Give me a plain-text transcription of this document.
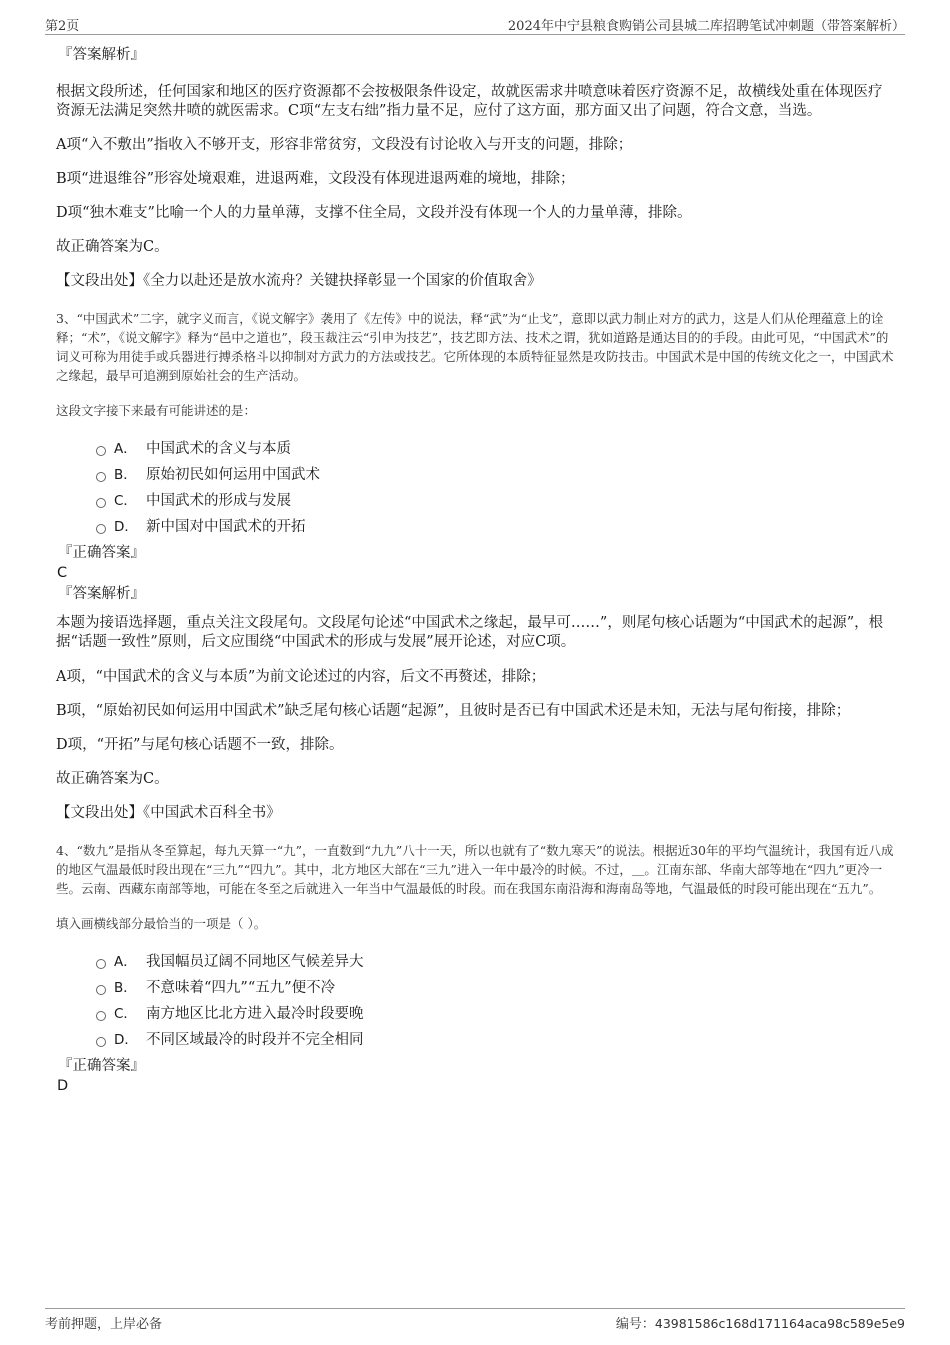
第2页	2024年中宁县粮食购销公司县城二库招聘笔试冲刺题（带答案解析）
『答案解析』

根据文段所述，任何国家和地区的医疗资源都不会按极限条件设定，故就医需求井喷意味着医疗资源不足，故横线处重在体现医疗资源无法满足突然井喷的就医需求。C项“左支右绌”指力量不足，应付了这方面，那方面又出了问题，符合文意，当选。

A项“入不敷出”指收入不够开支，形容非常贫穷，文段没有讨论收入与开支的问题，排除；

B项“进退维谷”形容处境艰难，进退两难，文段没有体现进退两难的境地，排除；

D项“独木难支”比喻一个人的力量单薄，支撑不住全局，文段并没有体现一个人的力量单薄，排除。

故正确答案为C。

【文段出处】《全力以赴还是放水流舟？关键抉择彰显一个国家的价值取舍》

3、“中国武术”二字，就字义而言，《说文解字》袭用了《左传》中的说法，释“武”为“止戈”，意即以武力制止对方的武力，这是人们从伦理蕴意上的诠释；“术”，《说文解字》释为“邑中之道也”，段玉裁注云“引申为技艺”，技艺即方法、技术之谓，犹如道路是通达目的的手段。由此可见，“中国武术”的词义可称为用徒手或兵器进行搏杀格斗以抑制对方武力的方法或技艺。它所体现的本质特征显然是攻防技击。中国武术是中国的传统文化之一，中国武术之缘起，最早可追溯到原始社会的生产活动。

这段文字接下来最有可能讲述的是：

A． 中国武术的含义与本质
B． 原始初民如何运用中国武术
C． 中国武术的形成与发展
D． 新中国对中国武术的开拓
『正确答案』
C
『答案解析』

本题为接语选择题，重点关注文段尾句。文段尾句论述“中国武术之缘起，最早可……”，则尾句核心话题为“中国武术的起源”，根据“话题一致性”原则，后文应围绕“中国武术的形成与发展”展开论述，对应C项。

A项，“中国武术的含义与本质”为前文论述过的内容，后文不再赘述，排除；

B项，“原始初民如何运用中国武术”缺乏尾句核心话题“起源”，且彼时是否已有中国武术还是未知，无法与尾句衔接，排除；

D项，“开拓”与尾句核心话题不一致，排除。

故正确答案为C。

【文段出处】《中国武术百科全书》

4、“数九”是指从冬至算起，每九天算一“九”，一直数到“九九”八十一天，所以也就有了“数九寒天”的说法。根据近30年的平均气温统计，我国有近八成的地区气温最低时段出现在“三九”“四九”。其中，北方地区大部在“三九”进入一年中最冷的时候。不过，＿。江南东部、华南大部等地在“四九”更冷一些。云南、西藏东南部等地，可能在冬至之后就进入一年当中气温最低的时段。而在我国东南沿海和海南岛等地，气温最低的时段可能出现在“五九”。

填入画横线部分最恰当的一项是（ ）。

A． 我国幅员辽阔不同地区气候差异大
B． 不意味着“四九”“五九”便不冷
C． 南方地区比北方进入最冷时段要晚
D． 不同区域最冷的时段并不完全相同
『正确答案』
D
考前押题，上岸必备	编号：43981586c168d171164aca98c589e5e9
